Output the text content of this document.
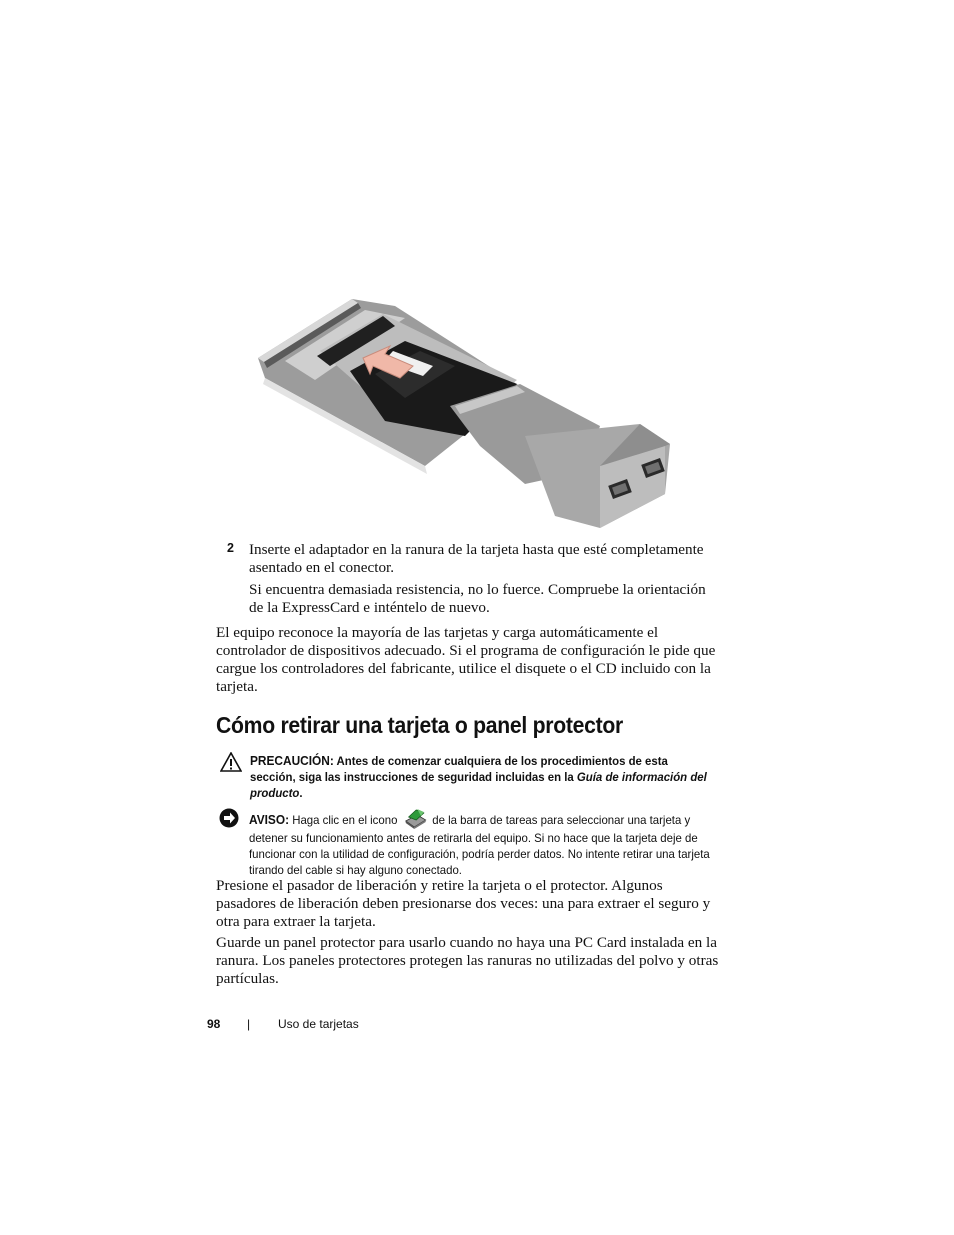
2 Inserte el adaptador en la ranura de la tarjeta hasta que esté completamente asentado en el conector.

Si encuentra demasiada resistencia, no lo fuerce. Compruebe la orientación de la ExpressCard e inténtelo de nuevo.

El equipo reconoce la mayoría de las tarjetas y carga automáticamente el controlador de dispositivos adecuado. Si el programa de configuración le pide que cargue los controladores del fabricante, utilice el disquete o el CD incluido con la tarjeta.

Cómo retirar una tarjeta o panel protector
PRECAUCIÓN: Antes de comenzar cualquiera de los procedimientos de esta sección, siga las instrucciones de seguridad incluidas en la Guía de información del producto.
AVISO: Haga clic en el icono	de la barra de tareas para seleccionar una tarjeta y detener su funcionamiento antes de retirarla del equipo. Si no hace que la tarjeta deje de funcionar con la utilidad de configuración, podría perder datos. No intente retirar una tarjeta tirando del cable si hay alguno conectado.

Presione el pasador de liberación y retire la tarjeta o el protector. Algunos pasadores de liberación deben presionarse dos veces: una para extraer el seguro y otra para extraer la tarjeta.

Guarde un panel protector para usarlo cuando no haya una PC Card instalada en la ranura. Los paneles protectores protegen las ranuras no utilizadas del polvo y otras partículas.

98 | Uso de tarjetas
